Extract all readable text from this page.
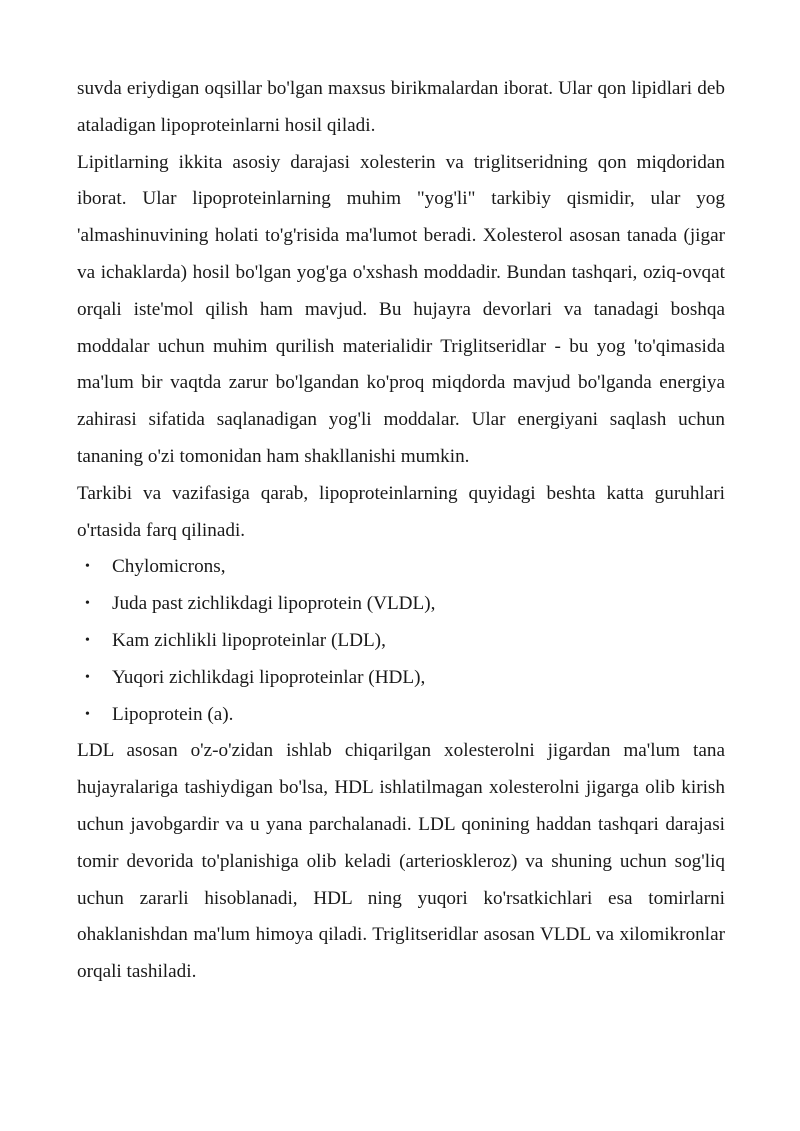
suvda eriydigan oqsillar bo'lgan maxsus birikmalardan iborat. Ular qon lipidlari deb ataladigan lipoproteinlarni hosil qiladi.

Lipitlarning ikkita asosiy darajasi xolesterin va triglitseridning qon miqdoridan iborat. Ular lipoproteinlarning muhim "yog'li" tarkibiy qismidir, ular yog 'almashinuvining holati to'g'risida ma'lumot beradi. Xolesterol asosan tanada (jigar va ichaklarda) hosil bo'lgan yog'ga o'xshash moddadir. Bundan tashqari, oziq-ovqat orqali iste'mol qilish ham mavjud. Bu hujayra devorlari va tanadagi boshqa moddalar uchun muhim qurilish materialidir Triglitseridlar - bu yog 'to'qimasida ma'lum bir vaqtda zarur bo'lgandan ko'proq miqdorda mavjud bo'lganda energiya zahirasi sifatida saqlanadigan yog'li moddalar. Ular energiyani saqlash uchun tananing o'zi tomonidan ham shakllanishi mumkin.

Tarkibi va vazifasiga qarab, lipoproteinlarning quyidagi beshta katta guruhlari o'rtasida farq qilinadi.

• Chylomicrons,
• Juda past zichlikdagi lipoprotein (VLDL),
• Kam zichlikli lipoproteinlar (LDL),
• Yuqori zichlikdagi lipoproteinlar (HDL),
• Lipoprotein (a).

LDL asosan o'z-o'zidan ishlab chiqarilgan xolesterolni jigardan ma'lum tana hujayralariga tashiydigan bo'lsa, HDL ishlatilmagan xolesterolni jigarga olib kirish uchun javobgardir va u yana parchalanadi. LDL qonining haddan tashqari darajasi tomir devorida to'planishiga olib keladi (arterioskleroz) va shuning uchun sog'liq uchun zararli hisoblanadi, HDL ning yuqori ko'rsatkichlari esa tomirlarni ohaklanishdan ma'lum himoya qiladi. Triglitseridlar asosan VLDL va xilomikronlar orqali tashiladi.
